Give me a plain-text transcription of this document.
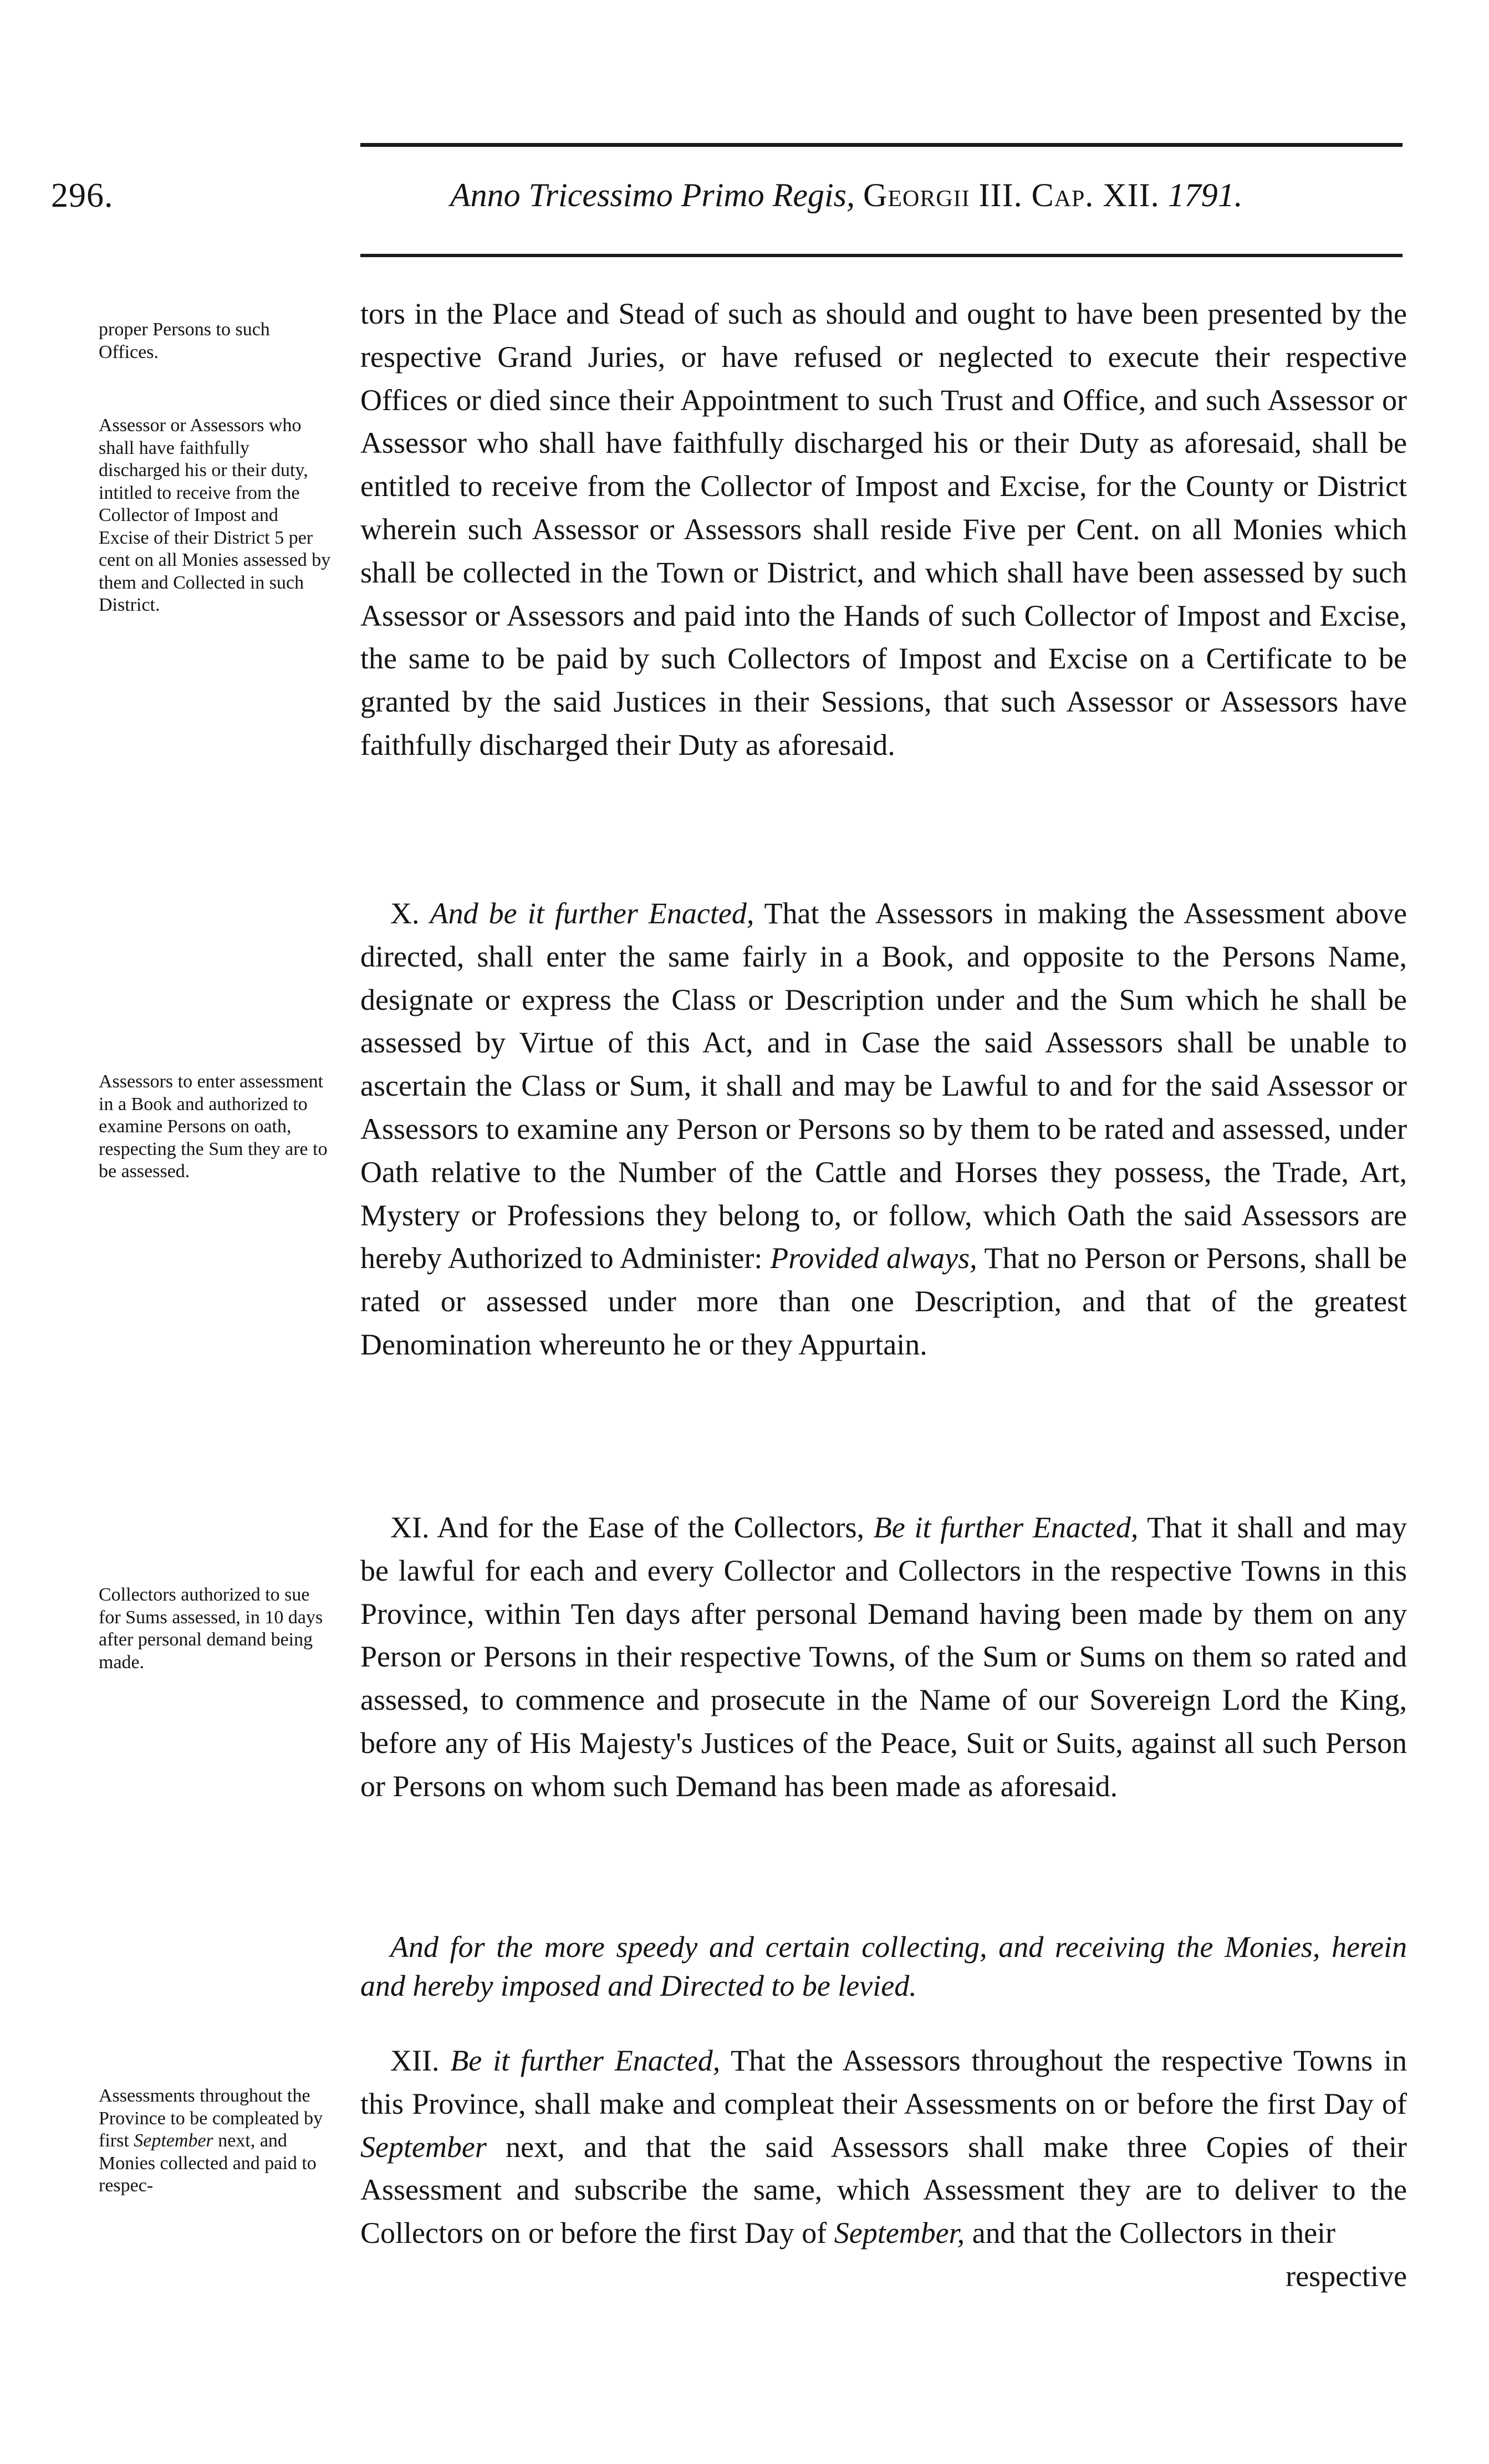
296.	Anno Tricessimo Primo Regis, Georgii III. Cap. XII. 1791.

tors in the Place and Stead of such as should and ought to have been presented by the respective Grand Juries, or have refused or neglected to execute their respective Offices or died since their Appointment to such Trust and Office, and such Assessor or Assessor who shall have faithfully discharged his or their Duty as aforesaid, shall be entitled to receive from the Collector of Impost and Excise, for the County or District wherein such Assessor or Assessors shall reside Five per Cent. on all Monies which shall be collected in the Town or District, and which shall have been assessed by such Assessor or Assessors and paid into the Hands of such Collector of Impost and Excise, the same to be paid by such Collectors of Impost and Excise on a Certificate to be granted by the said Justices in their Sessions, that such Assessor or Assessors have faithfully discharged their Duty as aforesaid.

 X. And be it further Enacted, That the Assessors in making the Assessment above directed, shall enter the same fairly in a Book, and opposite to the Persons Name, designate or express the Class or Description under and the Sum which he shall be assessed by Virtue of this Act, and in Case the said Assessors shall be unable to ascertain the Class or Sum, it shall and may be Lawful to and for the said Assessor or Assessors to examine any Person or Persons so by them to be rated and assessed, under Oath relative to the Number of the Cattle and Horses they possess, the Trade, Art, Mystery or Professions they belong to, or follow, which Oath the said Assessors are hereby Authorized to Administer: Provided always, That no Person or Persons, shall be rated or assessed under more than one Description, and that of the greatest Denomination whereunto he or they Appurtain.

 XI. And for the Ease of the Collectors, Be it further Enacted, That it shall and may be lawful for each and every Collector and Collectors in the respective Towns in this Province, within Ten days after personal Demand having been made by them on any Person or Persons in their respective Towns, of the Sum or Sums on them so rated and assessed, to commence and prosecute in the Name of our Sovereign Lord the King, before any of His Majesty's Justices of the Peace, Suit or Suits, against all such Person or Persons on whom such Demand has been made as aforesaid.

 And for the more speedy and certain collecting, and receiving the Monies, herein and hereby imposed and Directed to be levied.

 XII. Be it further Enacted, That the Assessors throughout the respective Towns in this Province, shall make and compleat their Assessments on or before the first Day of September next, and that the said Assessors shall make three Copies of their Assessment and subscribe the same, which Assessment they are to deliver to the Collectors on or before the first Day of September, and that the Collectors in their

respective

proper Persons to such Offices.
Assessor or Assessors who shall have faithfully discharged his or their duty, intitled to receive from the Collector of Impost and Excise of their District 5 per cent on all Monies assessed by them and Collected in such District.
Assessors to enter assessment in a Book and authorized to examine Persons on oath, respecting the Sum they are to be assessed.
Collectors authorized to sue for Sums assessed, in 10 days after personal demand being made.
Assessments throughout the Province to be compleated by first September next, and Monies collected and paid to respec-
